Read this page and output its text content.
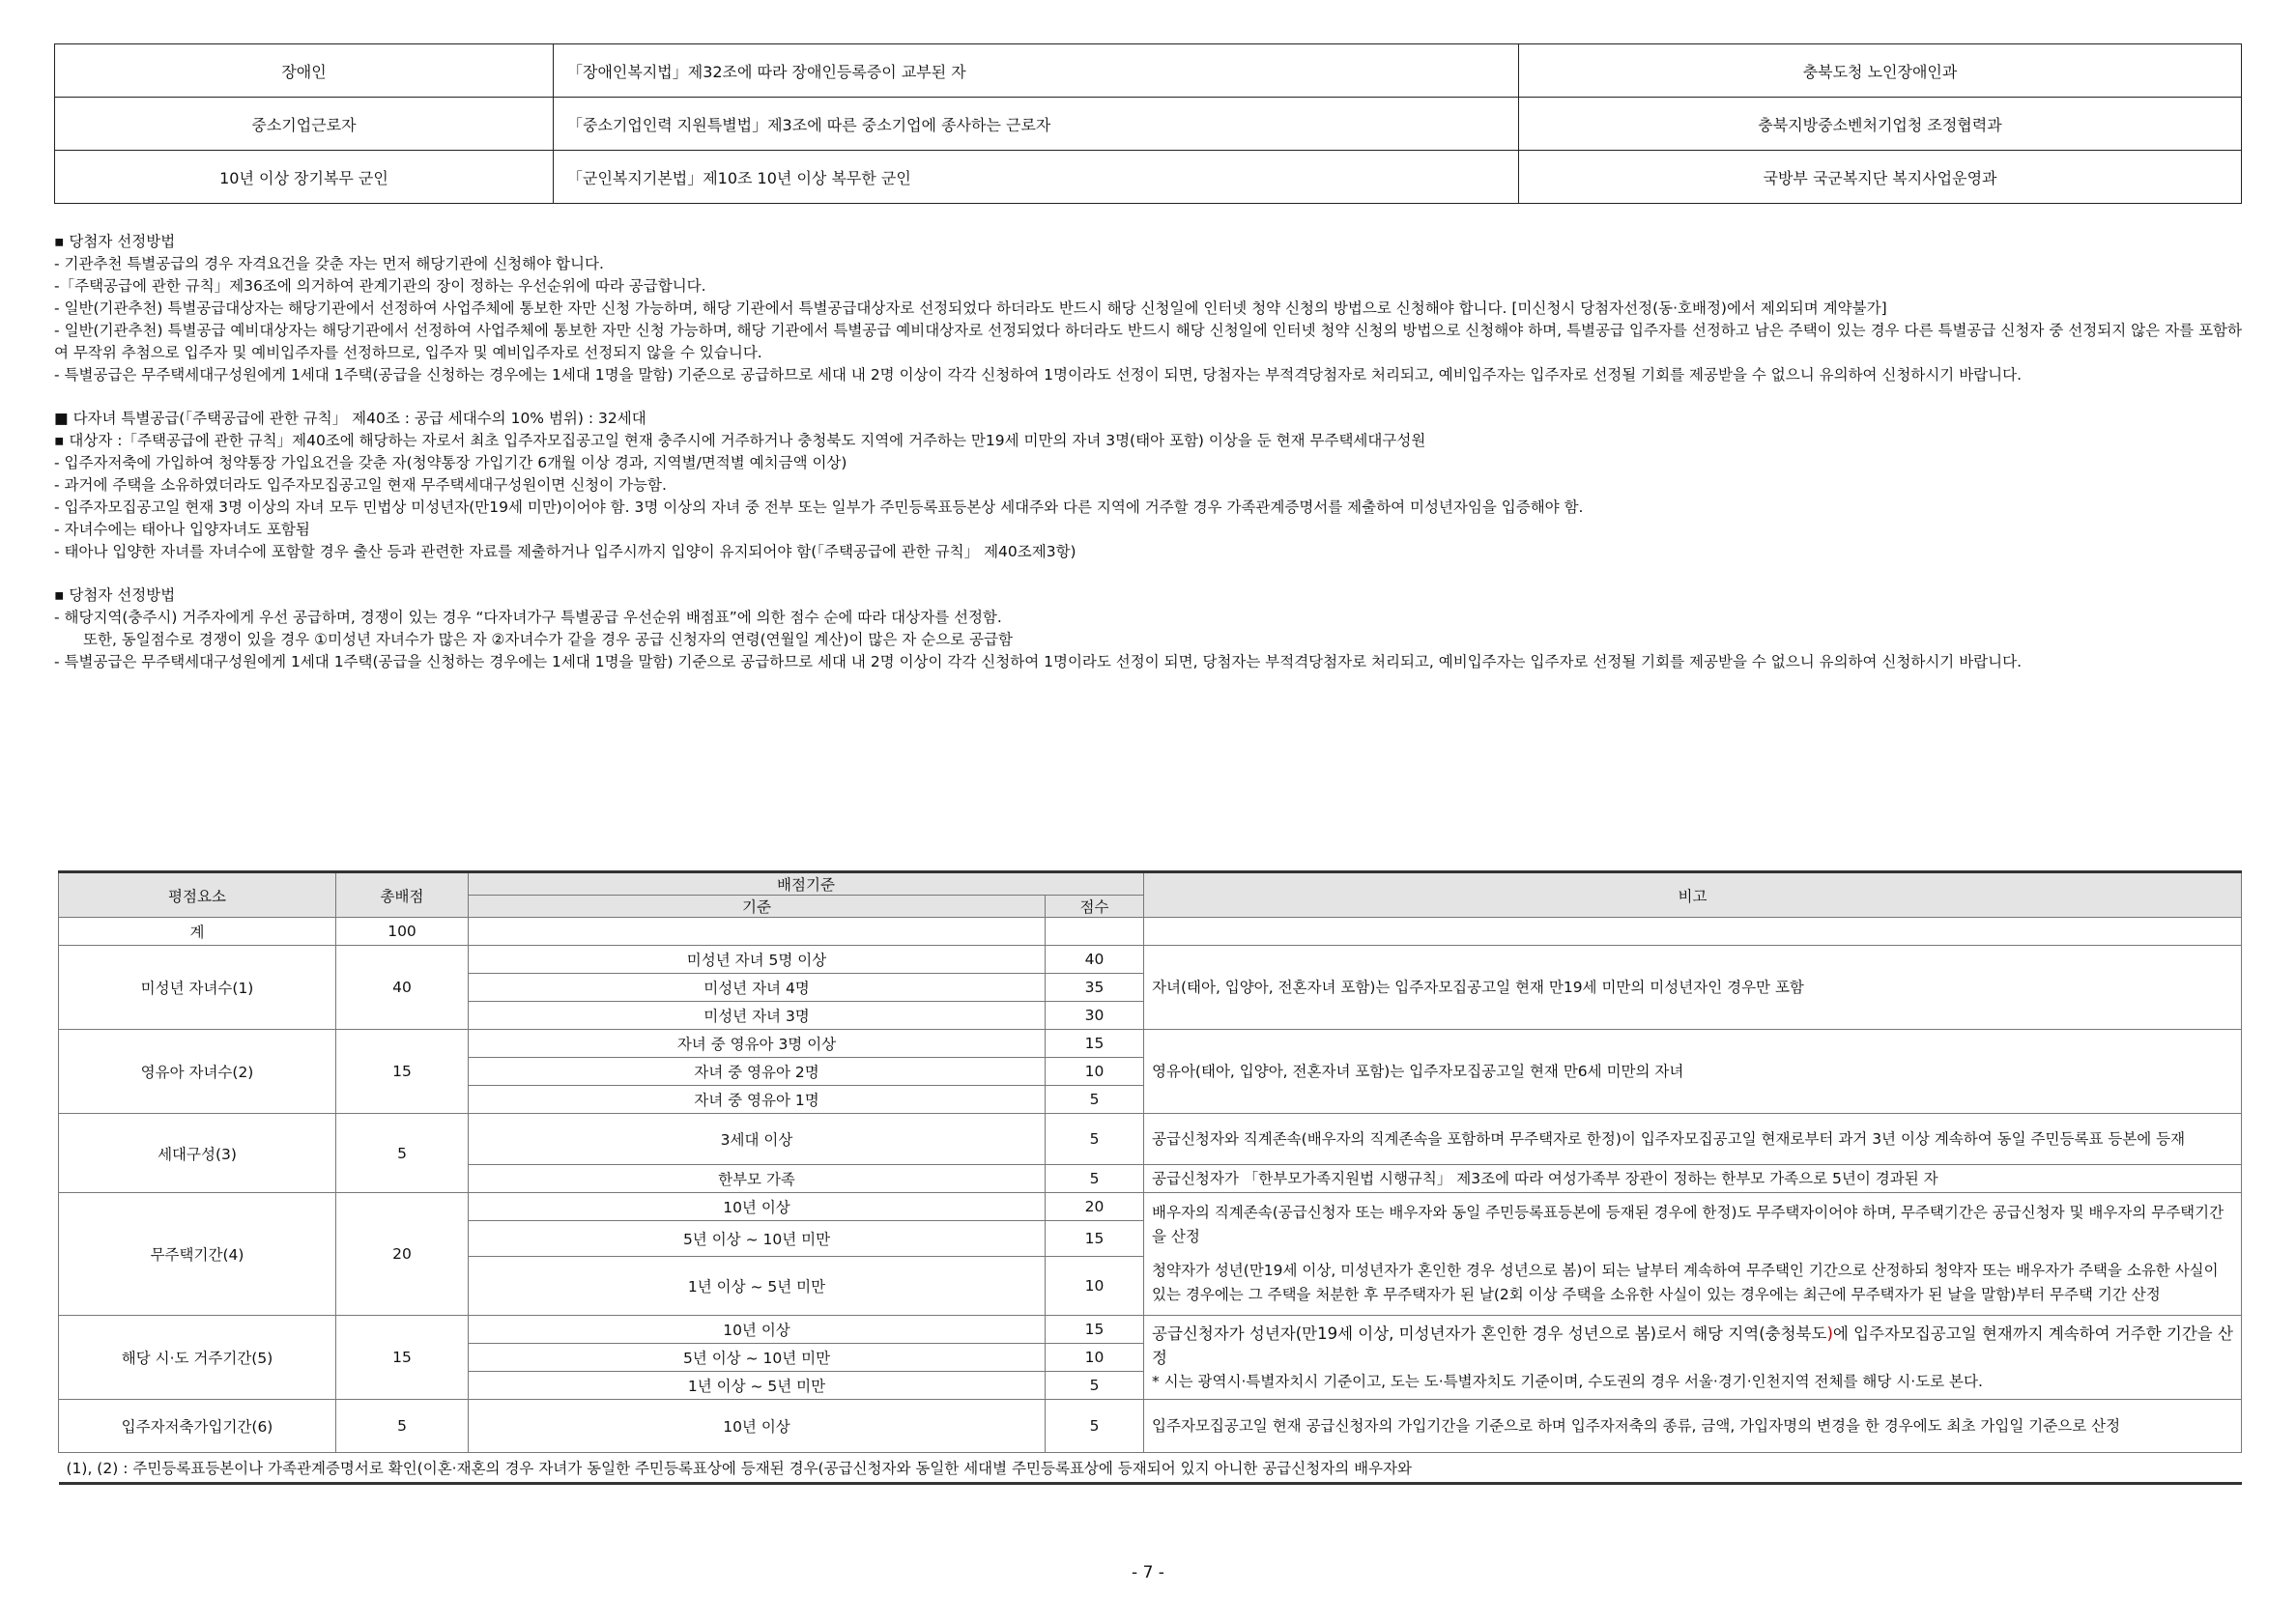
장애인	「장애인복지법」제32조에 따라 장애인등록증이 교부된 자	충북도청 노인장애인과
중소기업근로자	「중소기업인력 지원특별법」제3조에 따른 중소기업에 종사하는 근로자	충북지방중소벤처기업청 조정협력과
10년 이상 장기복무 군인	「군인복지기본법」제10조 10년 이상 복무한 군인	국방부 국군복지단 복지사업운영과
▪ 당첨자 선정방법
- 기관추천 특별공급의 경우 자격요건을 갖춘 자는 먼저 해당기관에 신청해야 합니다.
-「주택공급에 관한 규칙」제36조에 의거하여 관계기관의 장이 정하는 우선순위에 따라 공급합니다.
- 일반(기관추천) 특별공급대상자는 해당기관에서 선정하여 사업주체에 통보한 자만 신청 가능하며, 해당 기관에서 특별공급대상자로 선정되었다 하더라도 반드시 해당 신청일에 인터넷 청약 신청의 방법으로 신청해야 합니다. [미신청시 당첨자선정(동·호배정)에서 제외되며 계약불가]
- 일반(기관추천) 특별공급 예비대상자는 해당기관에서 선정하여 사업주체에 통보한 자만 신청 가능하며, 해당 기관에서 특별공급 예비대상자로 선정되었다 하더라도 반드시 해당 신청일에 인터넷 청약 신청의 방법으로 신청해야 하며, 특별공급 입주자를 선정하고 남은 주택이 있는 경우 다른 특별공급 신청자 중 선정되지 않은 자를 포함하여 무작위 추첨으로 입주자 및 예비입주자를 선정하므로, 입주자 및 예비입주자로 선정되지 않을 수 있습니다.
- 특별공급은 무주택세대구성원에게 1세대 1주택(공급을 신청하는 경우에는 1세대 1명을 말함) 기준으로 공급하므로 세대 내 2명 이상이 각각 신청하여 1명이라도 선정이 되면, 당첨자는 부적격당첨자로 처리되고, 예비입주자는 입주자로 선정될 기회를 제공받을 수 없으니 유의하여 신청하시기 바랍니다.
■ 다자녀 특별공급(「주택공급에 관한 규칙」 제40조 : 공급 세대수의 10% 범위) : 32세대
▪ 대상자 :「주택공급에 관한 규칙」제40조에 해당하는 자로서 최초 입주자모집공고일 현재 충주시에 거주하거나 충청북도 지역에 거주하는 만19세 미만의 자녀 3명(태아 포함) 이상을 둔 현재 무주택세대구성원
- 입주자저축에 가입하여 청약통장 가입요건을 갖춘 자(청약통장 가입기간 6개월 이상 경과, 지역별/면적별 예치금액 이상)
- 과거에 주택을 소유하였더라도 입주자모집공고일 현재 무주택세대구성원이면 신청이 가능함.
- 입주자모집공고일 현재 3명 이상의 자녀 모두 민법상 미성년자(만19세 미만)이어야 함. 3명 이상의 자녀 중 전부 또는 일부가 주민등록표등본상 세대주와 다른 지역에 거주할 경우 가족관계증명서를 제출하여 미성년자임을 입증해야 함.
- 자녀수에는 태아나 입양자녀도 포함됨
- 태아나 입양한 자녀를 자녀수에 포함할 경우 출산 등과 관련한 자료를 제출하거나 입주시까지 입양이 유지되어야 함(「주택공급에 관한 규칙」 제40조제3항)
▪ 당첨자 선정방법
- 해당지역(충주시) 거주자에게 우선 공급하며, 경쟁이 있는 경우 “다자녀가구 특별공급 우선순위 배점표”에 의한 점수 순에 따라 대상자를 선정함.
또한, 동일점수로 경쟁이 있을 경우 ①미성년 자녀수가 많은 자 ②자녀수가 같을 경우 공급 신청자의 연령(연월일 계산)이 많은 자 순으로 공급함
- 특별공급은 무주택세대구성원에게 1세대 1주택(공급을 신청하는 경우에는 1세대 1명을 말함) 기준으로 공급하므로 세대 내 2명 이상이 각각 신청하여 1명이라도 선정이 되면, 당첨자는 부적격당첨자로 처리되고, 예비입주자는 입주자로 선정될 기회를 제공받을 수 없으니 유의하여 신청하시기 바랍니다.
평점요소	총배점	배점기준		비고
		기준	점수	
계	100			
미성년 자녀수(1)	40	미성년 자녀 5명 이상	40	자녀(태아, 입양아, 전혼자녀 포함)는 입주자모집공고일 현재 만19세 미만의 미성년자인 경우만 포함
		미성년 자녀 4명	35	
		미성년 자녀 3명	30	
영유아 자녀수(2)	15	자녀 중 영유아 3명 이상	15	영유아(태아, 입양아, 전혼자녀 포함)는 입주자모집공고일 현재 만6세 미만의 자녀
		자녀 중 영유아 2명	10	
		자녀 중 영유아 1명	5	
세대구성(3)	5	3세대 이상	5	공급신청자와 직계존속(배우자의 직계존속을 포함하며 무주택자로 한정)이 입주자모집공고일 현재로부터 과거 3년 이상 계속하여 동일 주민등록표 등본에 등재
		한부모 가족	5	공급신청자가 「한부모가족지원법 시행규칙」 제3조에 따라 여성가족부 장관이 정하는 한부모 가족으로 5년이 경과된 자
무주택기간(4)	20	10년 이상	20	배우자의 직계존속(공급신청자 또는 배우자와 동일 주민등록표등본에 등재된 경우에 한정)도 무주택자이어야 하며, 무주택기간은 공급신청자 및 배우자의 무주택기간을 산정
청약자가 성년(만19세 이상, 미성년자가 혼인한 경우 성년으로 봄)이 되는 날부터 계속하여 무주택인 기간으로 산정하되 청약자 또는 배우자가 주택을 소유한 사실이 있는 경우에는 그 주택을 처분한 후 무주택자가 된 날(2회 이상 주택을 소유한 사실이 있는 경우에는 최근에 무주택자가 된 날을 말함)부터 무주택 기간 산정

		5년 이상 ~ 10년 미만	15	
		1년 이상 ~ 5년 미만	10	
해당 시·도 거주기간(5)	15	10년 이상	15	공급신청자가 성년자(만19세 이상, 미성년자가 혼인한 경우 성년으로 봄)로서 해당 지역(충청북도)에 입주자모집공고일 현재까지 계속하여 거주한 기간을 산정
* 시는 광역시·특별자치시 기준이고, 도는 도·특별자치도 기준이며, 수도권의 경우 서울·경기·인천지역 전체를 해당 시·도로 본다.

		5년 이상 ~ 10년 미만	10	
		1년 이상 ~ 5년 미만	5	
입주자저축가입기간(6)	5	10년 이상	5	입주자모집공고일 현재 공급신청자의 가입기간을 기준으로 하며 입주자저축의 종류, 금액, 가입자명의 변경을 한 경우에도 최초 가입일 기준으로 산정
(1), (2) : 주민등록표등본이나 가족관계증명서로 확인(이혼·재혼의 경우 자녀가 동일한 주민등록표상에 등재된 경우(공급신청자와 동일한 세대별 주민등록표상에 등재되어 있지 아니한 공급신청자의 배우자와				
- 7 -
